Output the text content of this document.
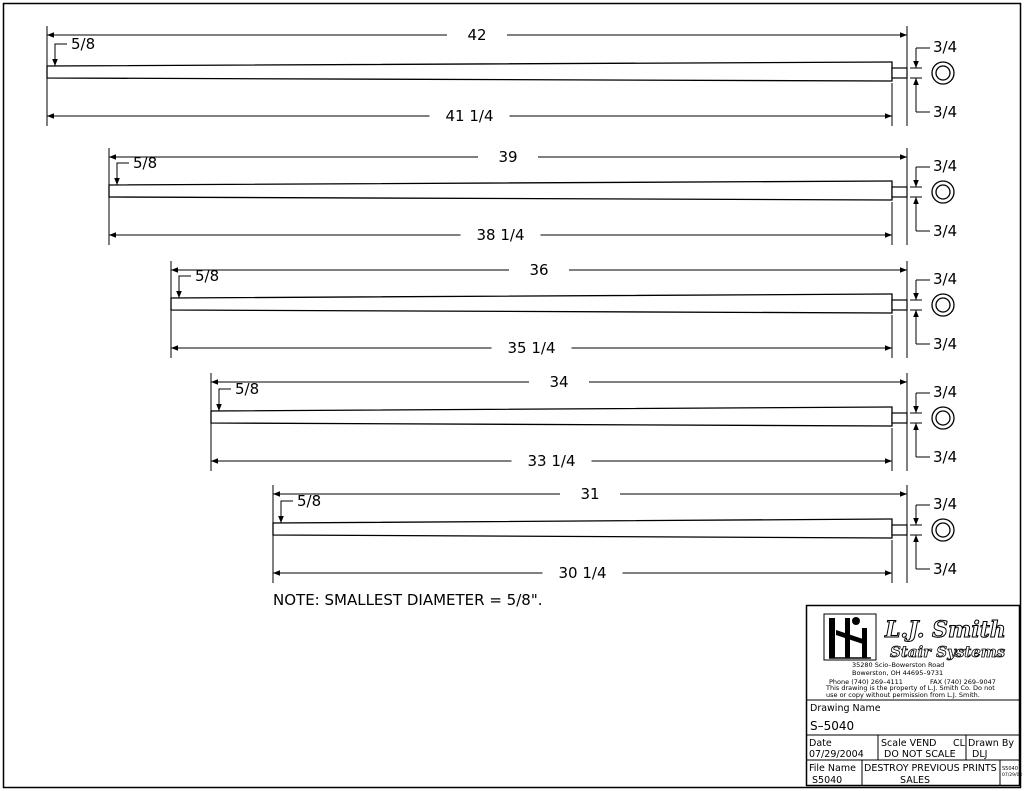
42
41 1/4
5/8	3/4
3/4
39
38 1/4
5/8	3/4
3/4
36
35 1/4
5/8	3/4
3/4
34
33 1/4
5/8	3/4
3/4
31
30 1/4
5/8	3/4
3/4
NOTE: SMALLEST DIAMETER = 5/8".
L.J. Smith
Stair Systems
35280 Scio–Bowerston Road
Bowerston, OH 44695–9731
Phone (740) 269–4111	FAX (740) 269–9047
This drawing is the property of L.J. Smith Co. Do not
use or copy without permission from L.J. Smith.
Drawing Name
S–5040
Date
07/29/2004
Scale VEND CL
DO NOT SCALE
Drawn By
DLJ
File Name
S5040
DESTROY PREVIOUS PRINTS
SALES
S5040
07/29/04
